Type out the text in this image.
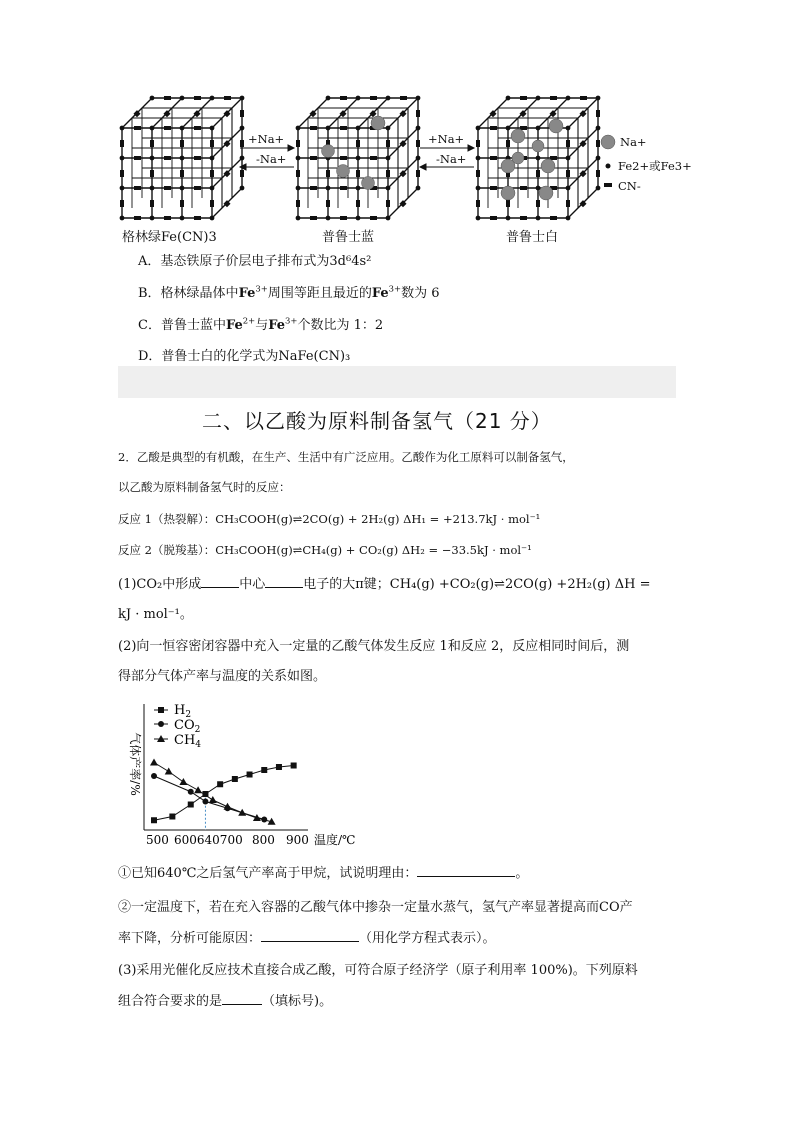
+Na+
-Na+
+Na+
-Na+
Na+
Fe2+或Fe3+
CN-
格林绿Fe(CN)3	普鲁士蓝	普鲁士白
A．基态铁原子价层电子排布式为3d⁶4s²
B．格林绿晶体中$Fe^{3+}$周围等距且最近的$Fe^{3+}$数为 6
C．普鲁士蓝中$Fe^{2+}$与$Fe^{3+}$个数比为 1：2
D．普鲁士白的化学式为NaFe(CN)₃
二、以乙酸为原料制备氢气（21 分）
2．乙酸是典型的有机酸，在生产、生活中有广泛应用。乙酸作为化工原料可以制备氢气，
以乙酸为原料制备氢气时的反应：
反应 1（热裂解）：CH₃COOH(g)⇌2CO(g) + 2H₂(g) ΔH₁ = +213.7kJ · mol⁻¹
反应 2（脱羧基）：CH₃COOH(g)⇌CH₄(g) + CO₂(g) ΔH₂ = −33.5kJ · mol⁻¹
(1)CO₂中形成	中心	电子的大π键；CH₄(g) +CO₂(g)⇌2CO(g) +2H₂(g) ΔH =
kJ · mol⁻¹。
(2)向一恒容密闭容器中充入一定量的乙酸气体发生反应 1和反应 2，反应相同时间后，测
得部分气体产率与温度的关系如图。
$H_2$
$CO_2$
$CH_4$
气体产率/%
500 600640700 800 900 温度/℃
①已知640℃之后氢气产率高于甲烷，试说明理由：	。
②一定温度下，若在充入容器的乙酸气体中掺杂一定量水蒸气，氢气产率显著提高而CO产
率下降，分析可能原因：	（用化学方程式表示）。
(3)采用光催化反应技术直接合成乙酸，可符合原子经济学（原子利用率 100%)。下列原料
组合符合要求的是	（填标号)。
